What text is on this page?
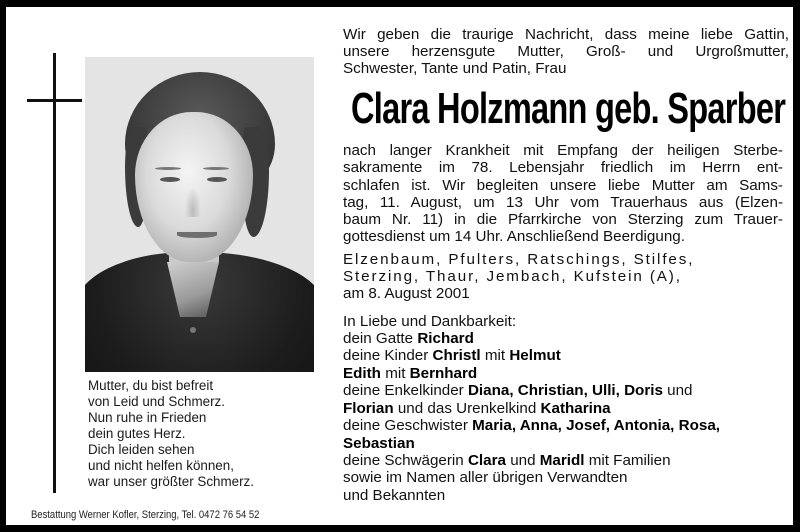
Mutter, du bist befreit
von Leid und Schmerz.
Nun ruhe in Frieden
dein gutes Herz.
Dich leiden sehen
und nicht helfen können,
war unser größter Schmerz.
Bestattung Werner Kofler, Sterzing, Tel. 0472 76 54 52
Wir geben die traurige Nachricht, dass meine liebe Gattin,
unsere herzensgute Mutter, Groß- und Urgroßmutter,
Schwester, Tante und Patin, Frau
Clara Holzmann geb. Sparber
nach langer Krankheit mit Empfang der heiligen Sterbe-
sakramente im 78. Lebensjahr friedlich im Herrn ent-
schlafen ist. Wir begleiten unsere liebe Mutter am Sams-
tag, 11. August, um 13 Uhr vom Trauerhaus aus (Elzen-
baum Nr. 11) in die Pfarrkirche von Sterzing zum Trauer-
gottesdienst um 14 Uhr. Anschließend Beerdigung.
Elzenbaum, Pfulters, Ratschings, Stilfes,
Sterzing, Thaur, Jembach, Kufstein (A),
am 8. August 2001
In Liebe und Dankbarkeit:
dein Gatte Richard
deine Kinder Christl mit Helmut
Edith mit Bernhard
deine Enkelkinder Diana, Christian, Ulli, Doris und
Florian und das Urenkelkind Katharina
deine Geschwister Maria, Anna, Josef, Antonia, Rosa,
Sebastian
deine Schwägerin Clara und Maridl mit Familien
sowie im Namen aller übrigen Verwandten
und Bekannten
